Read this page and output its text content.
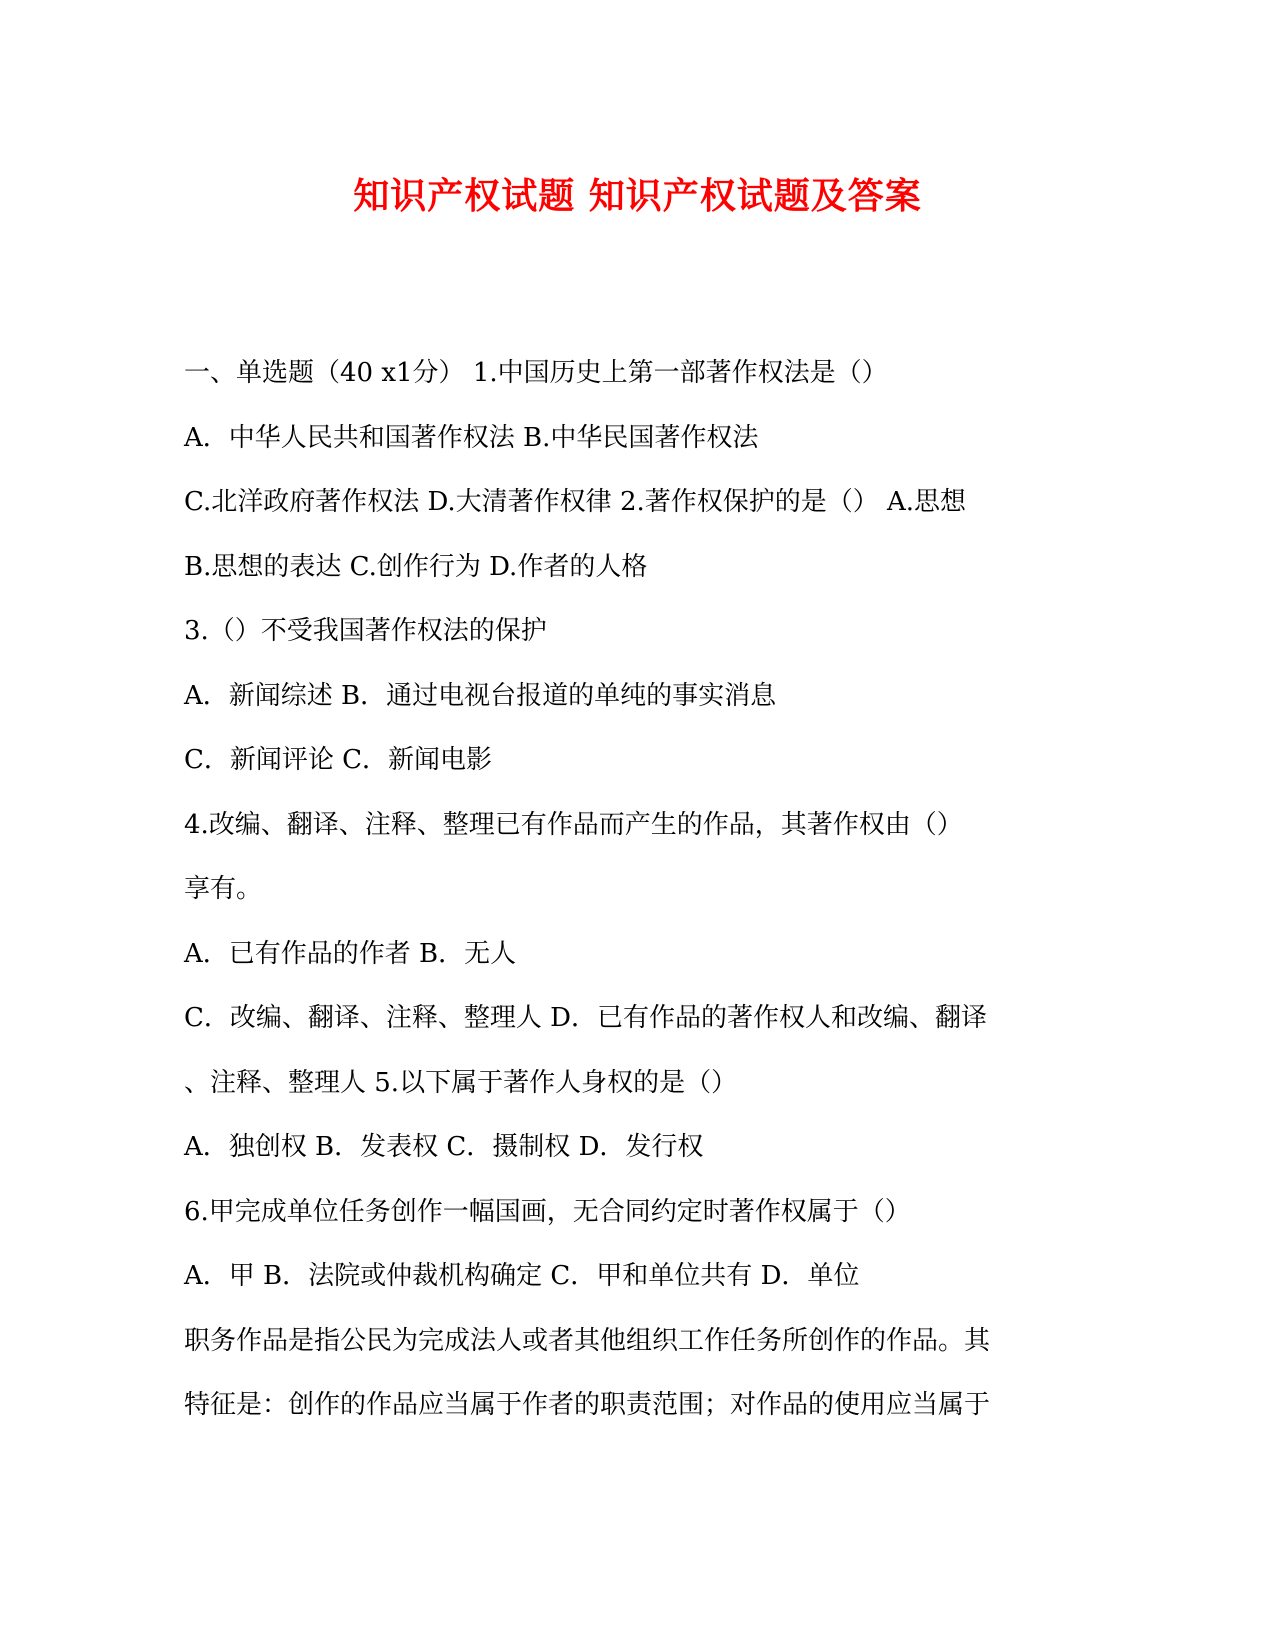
知识产权试题 知识产权试题及答案
一、单选题（40 x1分） 1.中国历史上第一部著作权法是（）
A．中华人民共和国著作权法 B.中华民国著作权法
C.北洋政府著作权法 D.大清著作权律 2.著作权保护的是（） A.思想
B.思想的表达 C.创作行为 D.作者的人格
3.（）不受我国著作权法的保护
A．新闻综述 B．通过电视台报道的单纯的事实消息
C．新闻评论 C．新闻电影
4.改编、翻译、注释、整理已有作品而产生的作品，其著作权由（）
享有。
A．已有作品的作者 B．无人
C．改编、翻译、注释、整理人 D．已有作品的著作权人和改编、翻译
、注释、整理人 5.以下属于著作人身权的是（）
A．独创权 B．发表权 C．摄制权 D．发行权
6.甲完成单位任务创作一幅国画，无合同约定时著作权属于（）
A．甲 B．法院或仲裁机构确定 C．甲和单位共有 D．单位
职务作品是指公民为完成法人或者其他组织工作任务所创作的作品。其
特征是：创作的作品应当属于作者的职责范围；对作品的使用应当属于
